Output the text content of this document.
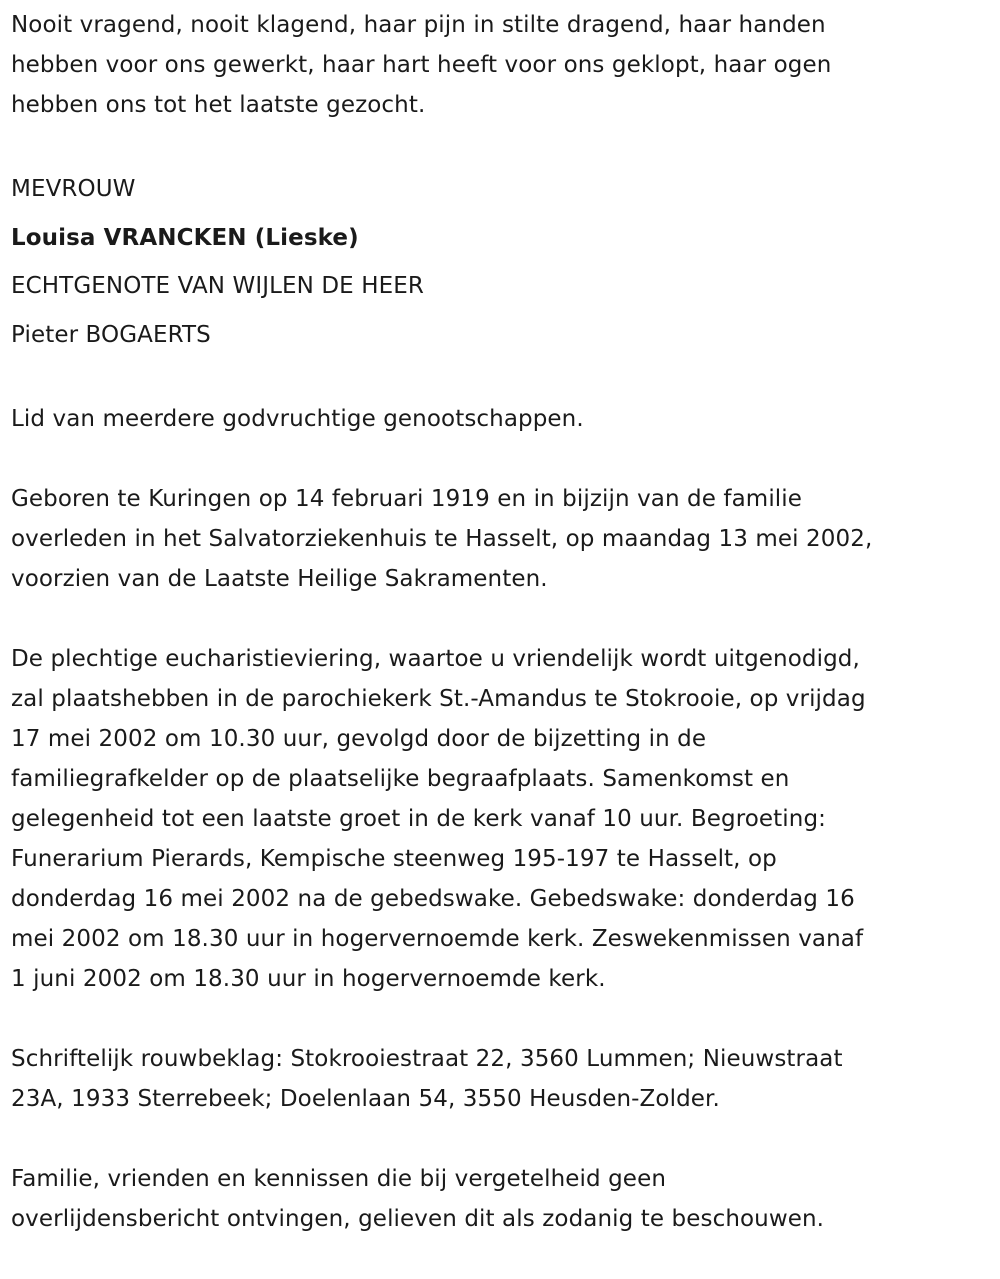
Nooit vragend, nooit klagend, haar pijn in stilte dragend, haar handen
hebben voor ons gewerkt, haar hart heeft voor ons geklopt, haar ogen
hebben ons tot het laatste gezocht.
MEVROUW
Louisa VRANCKEN (Lieske)
ECHTGENOTE VAN WIJLEN DE HEER
Pieter BOGAERTS
Lid van meerdere godvruchtige genootschappen.
Geboren te Kuringen op 14 februari 1919 en in bijzijn van de familie
overleden in het Salvatorziekenhuis te Hasselt, op maandag 13 mei 2002,
voorzien van de Laatste Heilige Sakramenten.
De plechtige eucharistieviering, waartoe u vriendelijk wordt uitgenodigd,
zal plaatshebben in de parochiekerk St.-Amandus te Stokrooie, op vrijdag
17 mei 2002 om 10.30 uur, gevolgd door de bijzetting in de
familiegrafkelder op de plaatselijke begraafplaats. Samenkomst en
gelegenheid tot een laatste groet in de kerk vanaf 10 uur. Begroeting:
Funerarium Pierards, Kempische steenweg 195-197 te Hasselt, op
donderdag 16 mei 2002 na de gebedswake. Gebedswake: donderdag 16
mei 2002 om 18.30 uur in hogervernoemde kerk. Zeswekenmissen vanaf
1 juni 2002 om 18.30 uur in hogervernoemde kerk.
Schriftelijk rouwbeklag: Stokrooiestraat 22, 3560 Lummen; Nieuwstraat
23A, 1933 Sterrebeek; Doelenlaan 54, 3550 Heusden-Zolder.
Familie, vrienden en kennissen die bij vergetelheid geen
overlijdensbericht ontvingen, gelieven dit als zodanig te beschouwen.
